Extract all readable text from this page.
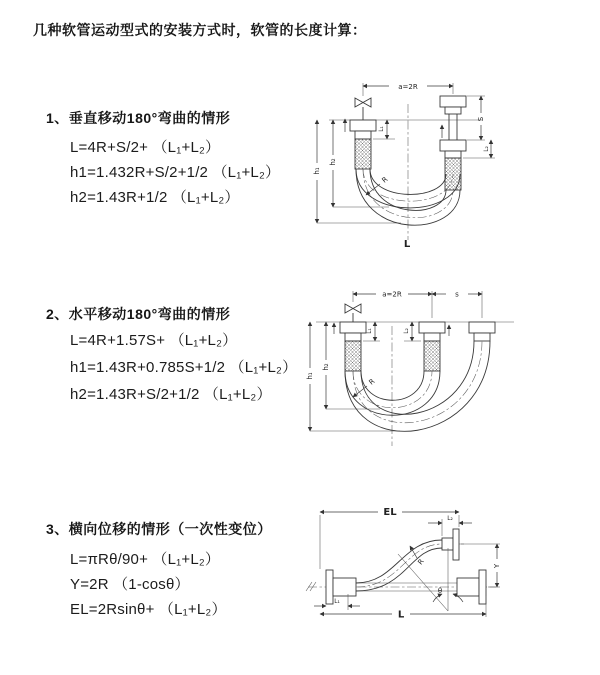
几种软管运动型式的安装方式时，软管的长度计算：
1、垂直移动180°弯曲的情形
L=4R+S/2+ （L₁+L₂）
h1=1.432R+S/2+1/2 （L₁+L₂）
h2=1.43R+1/2 （L₁+L₂）
a=2R
L₁
S
L₂
h₁
h₂
R
L
2、水平移动180°弯曲的情形
L=4R+1.57S+ （L₁+L₂）
h1=1.43R+0.785S+1/2 （L₁+L₂）
h2=1.43R+S/2+1/2 （L₁+L₂）
a=2R	s
L₁	L₂
h₁
h₂
R
3、横向位移的情形（一次性变位）
L=πRθ/90+ （L₁+L₂）
Y=2R （1-cosθ）
EL=2Rsinθ+ （L₁+L₂）
EL
L₂
Y
L
L₁
θ
R
